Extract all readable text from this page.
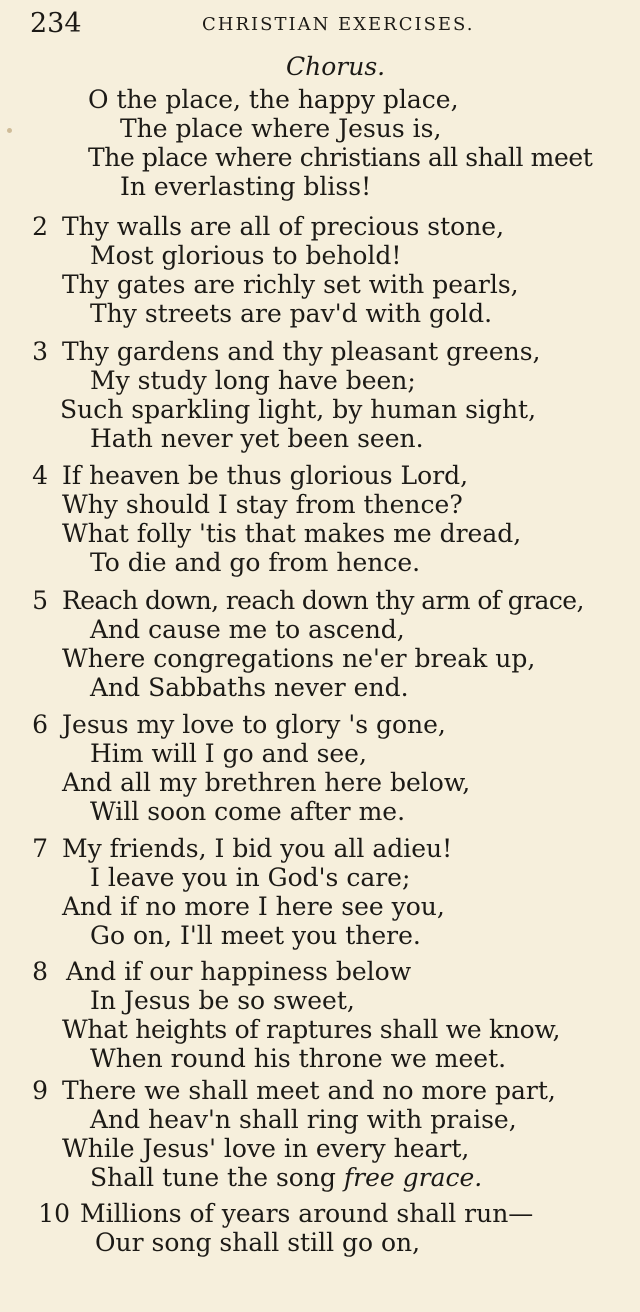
234	CHRISTIAN EXERCISES.
Chorus.
O the place, the happy place,
The place where Jesus is,
The place where christians all shall meet
In everlasting bliss!
2 Thy walls are all of precious stone,
Most glorious to behold!
Thy gates are richly set with pearls,
Thy streets are pav'd with gold.
3 Thy gardens and thy pleasant greens,
My study long have been;
Such sparkling light, by human sight,
Hath never yet been seen.
4 If heaven be thus glorious Lord,
Why should I stay from thence?
What folly 'tis that makes me dread,
To die and go from hence.
5 Reach down, reach down thy arm of grace,
And cause me to ascend,
Where congregations ne'er break up,
And Sabbaths never end.
6 Jesus my love to glory 's gone,
Him will I go and see,
And all my brethren here below,
Will soon come after me.
7 My friends, I bid you all adieu!
I leave you in God's care;
And if no more I here see you,
Go on, I'll meet you there.
8 And if our happiness below
In Jesus be so sweet,
What heights of raptures shall we know,
When round his throne we meet.
9 There we shall meet and no more part,
And heav'n shall ring with praise,
While Jesus' love in every heart,
Shall tune the song free grace.
10 Millions of years around shall run—
Our song shall still go on,
